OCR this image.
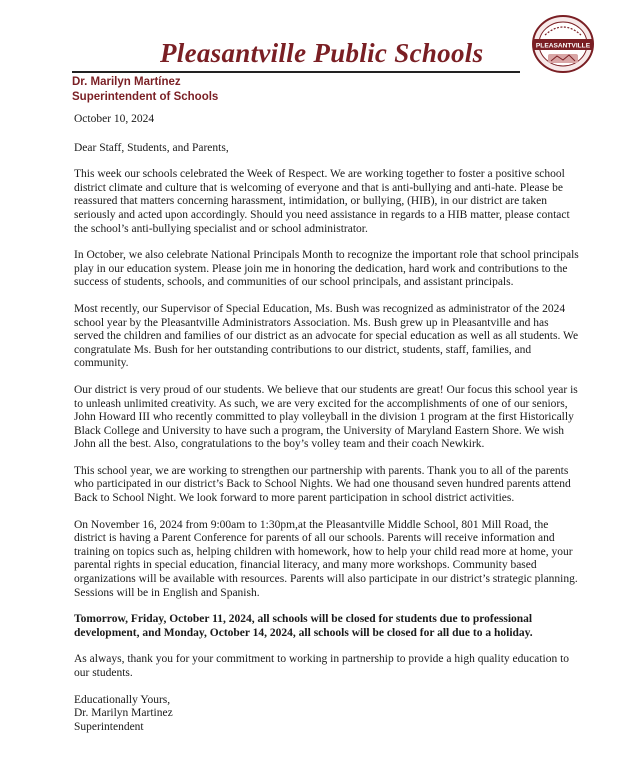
Pleasantville Public Schools	PLEASANTVILLE
Dr. Marilyn Martínez
Superintendent of Schools

October 10, 2024

Dear Staff, Students, and Parents,

This week our schools celebrated the Week of Respect. We are working together to foster a positive school district climate and culture that is welcoming of everyone and that is anti-bullying and anti-hate. Please be reassured that matters concerning harassment, intimidation, or bullying, (HIB), in our district are taken seriously and acted upon accordingly. Should you need assistance in regards to a HIB matter, please contact the school’s anti-bullying specialist and or school administrator.

In October, we also celebrate National Principals Month to recognize the important role that school principals play in our education system. Please join me in honoring the dedication, hard work and contributions to the success of students, schools, and communities of our school principals, and assistant principals.

Most recently, our Supervisor of Special Education, Ms. Bush was recognized as administrator of the 2024 school year by the Pleasantville Administrators Association. Ms. Bush grew up in Pleasantville and has served the children and families of our district as an advocate for special education as well as all students. We congratulate Ms. Bush for her outstanding contributions to our district, students, staff, families, and community.

Our district is very proud of our students. We believe that our students are great! Our focus this school year is to unleash unlimited creativity. As such, we are very excited for the accomplishments of one of our seniors, John Howard III who recently committed to play volleyball in the division 1 program at the first Historically Black College and University to have such a program, the University of Maryland Eastern Shore. We wish John all the best. Also, congratulations to the boy’s volley team and their coach Newkirk.

This school year, we are working to strengthen our partnership with parents. Thank you to all of the parents who participated in our district’s Back to School Nights. We had one thousand seven hundred parents attend Back to School Night. We look forward to more parent participation in school district activities.

On November 16, 2024 from 9:00am to 1:30pm,at the Pleasantville Middle School, 801 Mill Road, the district is having a Parent Conference for parents of all our schools. Parents will receive information and training on topics such as, helping children with homework, how to help your child read more at home, your parental rights in special education, financial literacy, and many more workshops. Community based organizations will be available with resources. Parents will also participate in our district’s strategic planning. Sessions will be in English and Spanish.

Tomorrow, Friday, October 11, 2024, all schools will be closed for students due to professional development, and Monday, October 14, 2024, all schools will be closed for all due to a holiday.

As always, thank you for your commitment to working in partnership to provide a high quality education to our students.

Educationally Yours,
Dr. Marilyn Martinez
Superintendent
